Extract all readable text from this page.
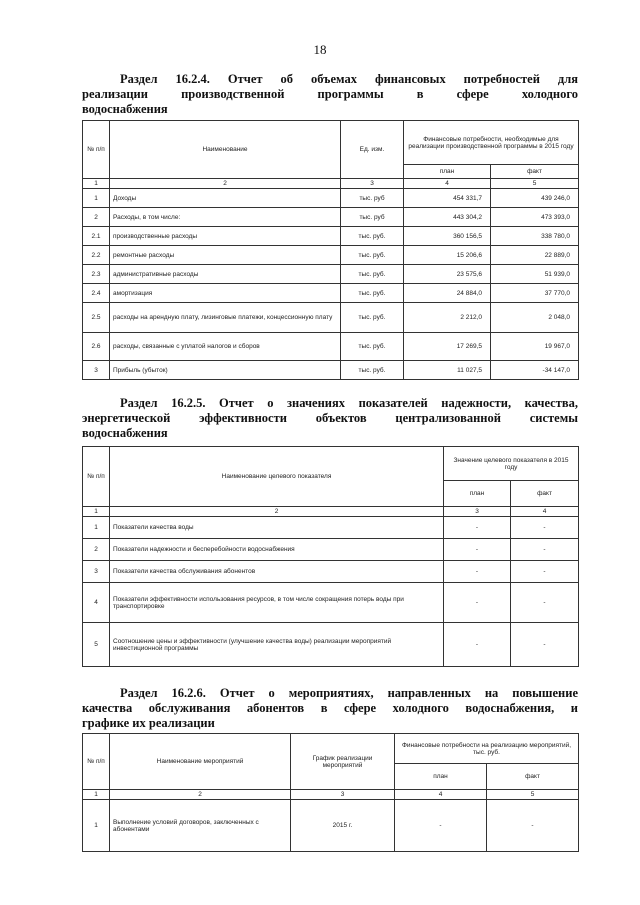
18
Раздел 16.2.4. Отчет об объемах финансовых потребностей для
реализации производственной программы в сфере холодного
водоснабжения
№ п/п	Наименование	Ед. изм.	Финансовые потребности, необходимые для реализации производственной программы в 2015 году	
			план	факт
1	2	3	4	5
1	Доходы	тыс. руб	454 331,7	439 246,0
2	Расходы, в том числе:	тыс. руб	443 304,2	473 393,0
2.1	производственные расходы	тыс. руб.	360 156,5	338 780,0
2.2	ремонтные расходы	тыс. руб.	15 206,6	22 889,0
2.3	административные расходы	тыс. руб.	23 575,6	51 939,0
2.4	амортизация	тыс. руб.	24 884,0	37 770,0
2.5	расходы на арендную плату, лизинговые платежи, концессионную плату	тыс. руб.	2 212,0	2 048,0
2.6	расходы, связанные с уплатой налогов и сборов	тыс. руб.	17 269,5	19 967,0
3	Прибыль (убыток)	тыс. руб.	11 027,5	-34 147,0
Раздел 16.2.5. Отчет о значениях показателей надежности, качества,
энергетической эффективности объектов централизованной системы
водоснабжения
№ п/п	Наименование целевого показателя	Значение целевого показателя в 2015 году	
		план	факт
1	2	3	4
1	Показатели качества воды	-	-
2	Показатели надежности и бесперебойности водоснабжения	-	-
3	Показатели качества обслуживания абонентов	-	-
4	Показатели эффективности использования ресурсов, в том числе сокращения потерь воды при транспортировке	-	-
5	Соотношение цены и эффективности (улучшение качества воды) реализации мероприятий инвестиционной программы	-	-
Раздел 16.2.6. Отчет о мероприятиях, направленных на повышение
качества обслуживания абонентов в сфере холодного водоснабжения, и
графике их реализации
№ п/п	Наименование мероприятий	График реализации мероприятий	Финансовые потребности на реализацию мероприятий, тыс. руб.	
			план	факт
1	2	3	4	5
1	Выполнение условий договоров, заключенных с абонентами	2015 г.	-	-
